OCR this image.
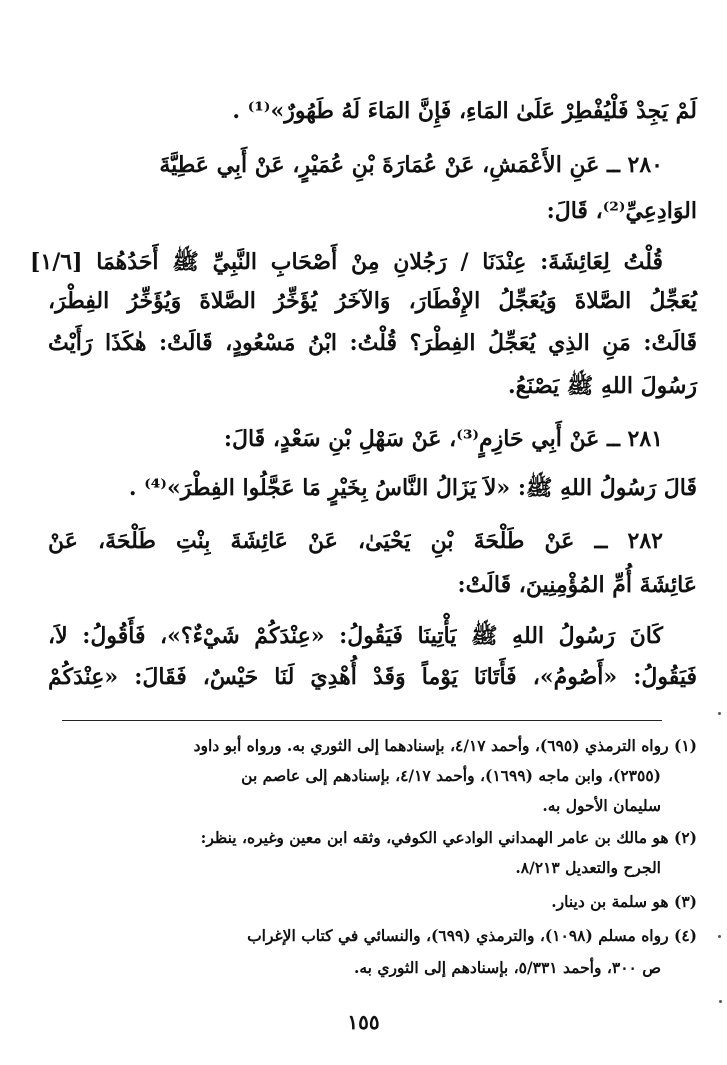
لَمْ يَجِدْ فَلْيُفْطِرْ عَلَىٰ المَاءِ، فَإِنَّ المَاءَ لَهُ طَهُورٌ»⁽¹⁾ .
٢٨٠ ــ عَنِ الأَعْمَشِ، عَنْ عُمَارَةَ بْنِ عُمَيْرٍ، عَنْ أَبِي عَطِيَّةَ
الوَادِعِيِّ⁽²⁾، قَالَ:
قُلْتُ لِعَائِشَةَ: عِنْدَنَا / رَجُلانِ مِنْ أَصْحَابِ النَّبِيِّ ﷺ أَحَدُهُمَا [١/٦]
يُعَجِّلُ الصَّلاةَ وَيُعَجِّلُ الإِفْطَارَ، وَالآخَرُ يُؤَخِّرُ الصَّلاةَ وَيُؤَخِّرُ الفِطْرَ،
قَالَتْ: مَنِ الذِي يُعَجِّلُ الفِطْرَ؟ قُلْتُ: ابْنُ مَسْعُودٍ، قَالَتْ: هٰكَذَا رَأَيْتُ
رَسُولَ اللهِ ﷺ يَصْنَعُ.
٢٨١ ــ عَنْ أَبِي حَازِمٍ⁽³⁾، عَنْ سَهْلِ بْنِ سَعْدٍ، قَالَ:
قَالَ رَسُولُ اللهِ ﷺ: «لاَ يَزَالُ النَّاسُ بِخَيْرٍ مَا عَجَّلُوا الفِطْرَ»⁽⁴⁾ .
٢٨٢ ــ عَنْ طَلْحَةَ بْنِ يَحْيَىٰ، عَنْ عَائِشَةَ بِنْتِ طَلْحَةَ، عَنْ
عَائِشَةَ أُمِّ المُؤْمِنِينَ، قَالَتْ:
كَانَ رَسُولُ اللهِ ﷺ يَأْتِينَا فَيَقُولُ: «عِنْدَكُمْ شَيْءٌ؟»، فَأَقُولُ: لاَ،
فَيَقُولُ: «أَصُومُ»، فَأَتَانَا يَوْماً وَقَدْ أُهْدِيَ لَنَا حَيْسٌ، فَقَالَ: «عِنْدَكُمْ
(١) رواه الترمذي (٦٩٥)، وأحمد ٤/١٧، بإسنادهما إلى الثوري به. ورواه أبو داود
(٢٣٥٥)، وابن ماجه (١٦٩٩)، وأحمد ٤/١٧، بإسنادهم إلى عاصم بن
سليمان الأحول به.
(٢) هو مالك بن عامر الهمداني الوادعي الكوفي، وثقه ابن معين وغيره، ينظر:
الجرح والتعديل ٨/٢١٣.
(٣) هو سلمة بن دينار.
(٤) رواه مسلم (١٠٩٨)، والترمذي (٦٩٩)، والنسائي في كتاب الإغراب
ص ٣٠٠، وأحمد ٥/٣٣١، بإسنادهم إلى الثوري به.
١٥٥
